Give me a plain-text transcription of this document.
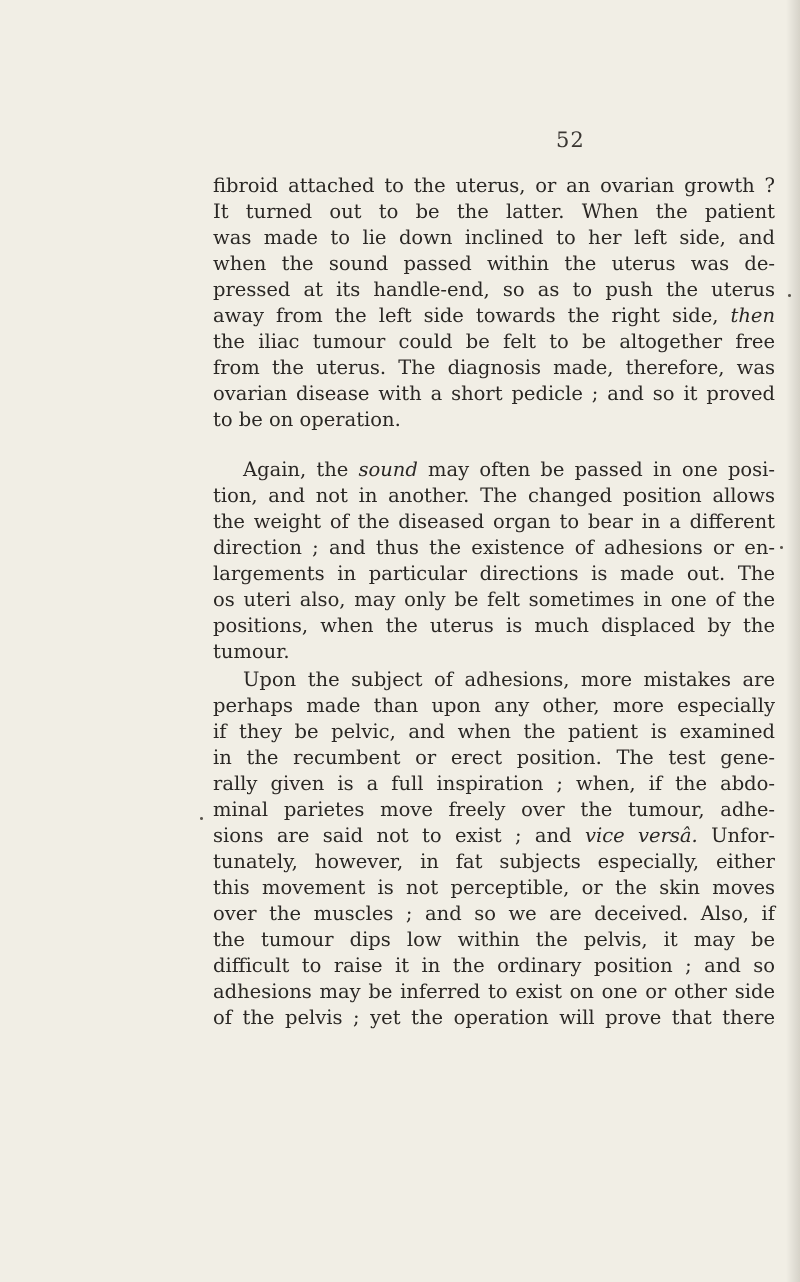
52
fibroid attached to the uterus, or an ovarian growth ?
It turned out to be the latter. When the patient
was made to lie down inclined to her left side, and
when the sound passed within the uterus was de-
pressed at its handle-end, so as to push the uterus
away from the left side towards the right side, then
the iliac tumour could be felt to be altogether free
from the uterus. The diagnosis made, therefore, was
ovarian disease with a short pedicle ; and so it proved
to be on operation.
Again, the sound may often be passed in one posi-
tion, and not in another. The changed position allows
the weight of the diseased organ to bear in a different
direction ; and thus the existence of adhesions or en-
largements in particular directions is made out. The
os uteri also, may only be felt sometimes in one of the
positions, when the uterus is much displaced by the
tumour.
Upon the subject of adhesions, more mistakes are
perhaps made than upon any other, more especially
if they be pelvic, and when the patient is examined
in the recumbent or erect position. The test gene-
rally given is a full inspiration ; when, if the abdo-
minal parietes move freely over the tumour, adhe-
sions are said not to exist ; and vice versâ. Unfor-
tunately, however, in fat subjects especially, either
this movement is not perceptible, or the skin moves
over the muscles ; and so we are deceived. Also, if
the tumour dips low within the pelvis, it may be
difficult to raise it in the ordinary position ; and so
adhesions may be inferred to exist on one or other side
of the pelvis ; yet the operation will prove that there
